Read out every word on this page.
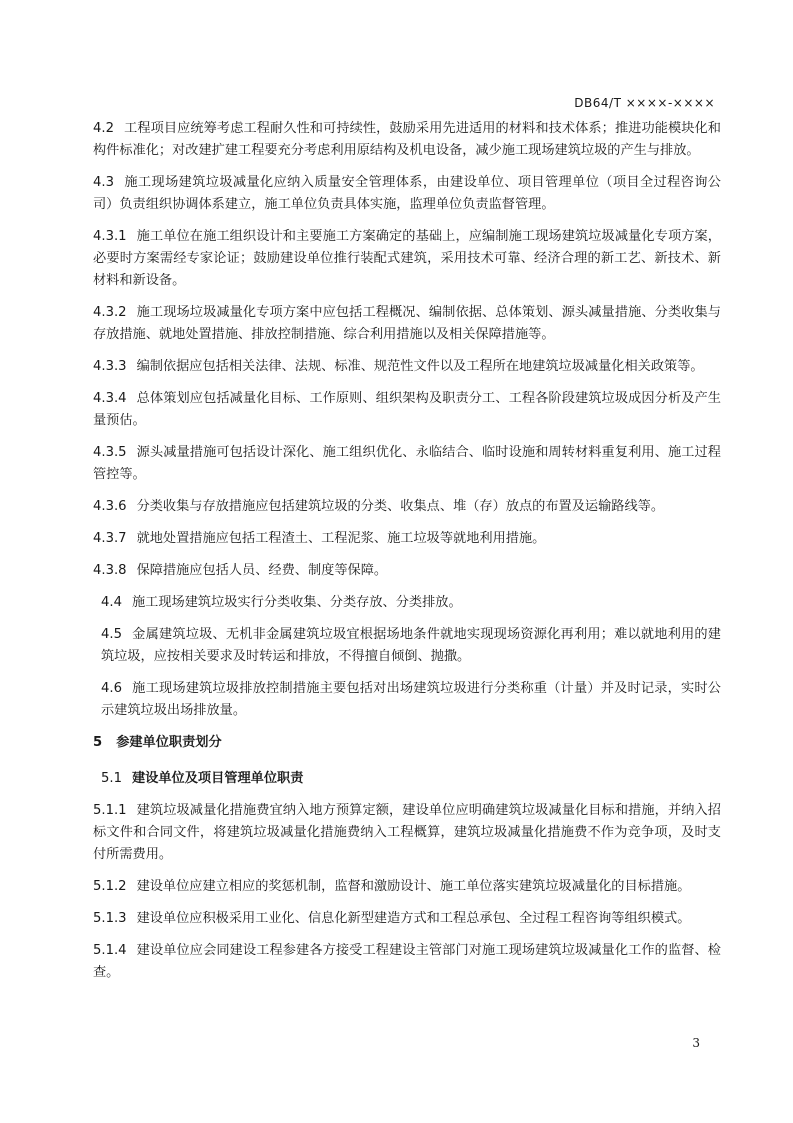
DB64/T ××××-××××
4.2 工程项目应统筹考虑工程耐久性和可持续性，鼓励采用先进适用的材料和技术体系；推进功能模块化和构件标准化；对改建扩建工程要充分考虑利用原结构及机电设备，减少施工现场建筑垃圾的产生与排放。
4.3 施工现场建筑垃圾减量化应纳入质量安全管理体系，由建设单位、项目管理单位（项目全过程咨询公司）负责组织协调体系建立，施工单位负责具体实施，监理单位负责监督管理。
4.3.1 施工单位在施工组织设计和主要施工方案确定的基础上，应编制施工现场建筑垃圾减量化专项方案，必要时方案需经专家论证；鼓励建设单位推行装配式建筑，采用技术可靠、经济合理的新工艺、新技术、新材料和新设备。
4.3.2 施工现场垃圾减量化专项方案中应包括工程概况、编制依据、总体策划、源头减量措施、分类收集与存放措施、就地处置措施、排放控制措施、综合利用措施以及相关保障措施等。
4.3.3 编制依据应包括相关法律、法规、标准、规范性文件以及工程所在地建筑垃圾减量化相关政策等。
4.3.4 总体策划应包括减量化目标、工作原则、组织架构及职责分工、工程各阶段建筑垃圾成因分析及产生量预估。
4.3.5 源头减量措施可包括设计深化、施工组织优化、永临结合、临时设施和周转材料重复利用、施工过程管控等。
4.3.6 分类收集与存放措施应包括建筑垃圾的分类、收集点、堆（存）放点的布置及运输路线等。
4.3.7 就地处置措施应包括工程渣土、工程泥浆、施工垃圾等就地利用措施。
4.3.8 保障措施应包括人员、经费、制度等保障。
4.4 施工现场建筑垃圾实行分类收集、分类存放、分类排放。
4.5 金属建筑垃圾、无机非金属建筑垃圾宜根据场地条件就地实现现场资源化再利用；难以就地利用的建筑垃圾，应按相关要求及时转运和排放，不得擅自倾倒、抛撒。
4.6 施工现场建筑垃圾排放控制措施主要包括对出场建筑垃圾进行分类称重（计量）并及时记录，实时公示建筑垃圾出场排放量。
5 参建单位职责划分
5.1 建设单位及项目管理单位职责
5.1.1 建筑垃圾减量化措施费宜纳入地方预算定额，建设单位应明确建筑垃圾减量化目标和措施，并纳入招标文件和合同文件，将建筑垃圾减量化措施费纳入工程概算，建筑垃圾减量化措施费不作为竞争项，及时支付所需费用。
5.1.2 建设单位应建立相应的奖惩机制，监督和激励设计、施工单位落实建筑垃圾减量化的目标措施。
5.1.3 建设单位应积极采用工业化、信息化新型建造方式和工程总承包、全过程工程咨询等组织模式。
5.1.4 建设单位应会同建设工程参建各方接受工程建设主管部门对施工现场建筑垃圾减量化工作的监督、检查。
3
